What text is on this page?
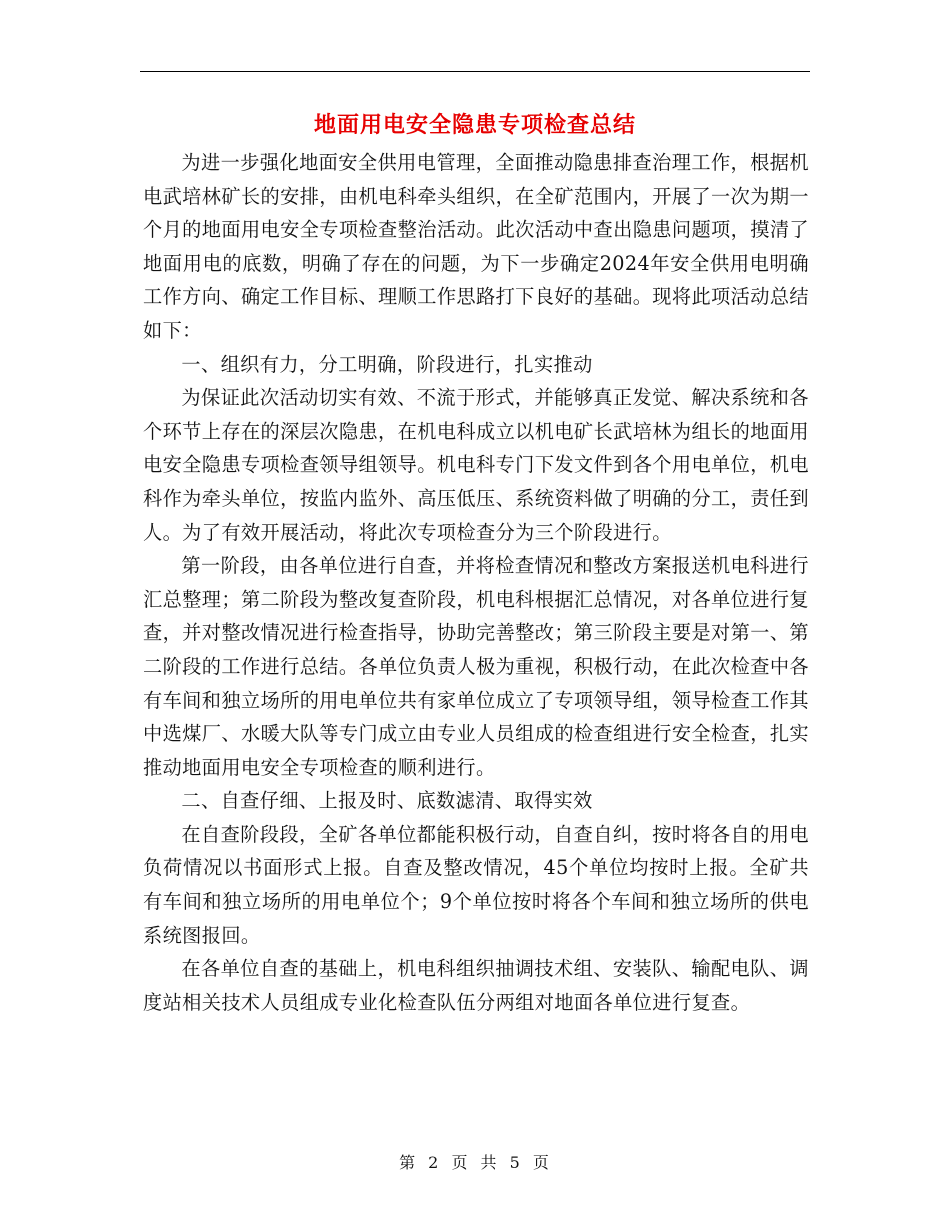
地面用电安全隐患专项检查总结

为进一步强化地面安全供用电管理，全面推动隐患排查治理工作，根据机电武培林矿长的安排，由机电科牵头组织，在全矿范围内，开展了一次为期一个月的地面用电安全专项检查整治活动。此次活动中查出隐患问题项，摸清了地面用电的底数，明确了存在的问题，为下一步确定2024年安全供用电明确工作方向、确定工作目标、理顺工作思路打下良好的基础。现将此项活动总结如下：

一、组织有力，分工明确，阶段进行，扎实推动

为保证此次活动切实有效、不流于形式，并能够真正发觉、解决系统和各个环节上存在的深层次隐患，在机电科成立以机电矿长武培林为组长的地面用电安全隐患专项检查领导组领导。机电科专门下发文件到各个用电单位，机电科作为牵头单位，按监内监外、高压低压、系统资料做了明确的分工，责任到人。为了有效开展活动，将此次专项检查分为三个阶段进行。

第一阶段，由各单位进行自查，并将检查情况和整改方案报送机电科进行汇总整理；第二阶段为整改复查阶段，机电科根据汇总情况，对各单位进行复查，并对整改情况进行检查指导，协助完善整改；第三阶段主要是对第一、第二阶段的工作进行总结。各单位负责人极为重视，积极行动，在此次检查中各有车间和独立场所的用电单位共有家单位成立了专项领导组，领导检查工作其中选煤厂、水暖大队等专门成立由专业人员组成的检查组进行安全检查，扎实推动地面用电安全专项检查的顺利进行。

二、自查仔细、上报及时、底数滤清、取得实效

在自查阶段段，全矿各单位都能积极行动，自查自纠，按时将各自的用电负荷情况以书面形式上报。自查及整改情况，45个单位均按时上报。全矿共有车间和独立场所的用电单位个；9个单位按时将各个车间和独立场所的供电系统图报回。

在各单位自查的基础上，机电科组织抽调技术组、安装队、输配电队、调度站相关技术人员组成专业化检查队伍分两组对地面各单位进行复查。

第 2 页 共 5 页
